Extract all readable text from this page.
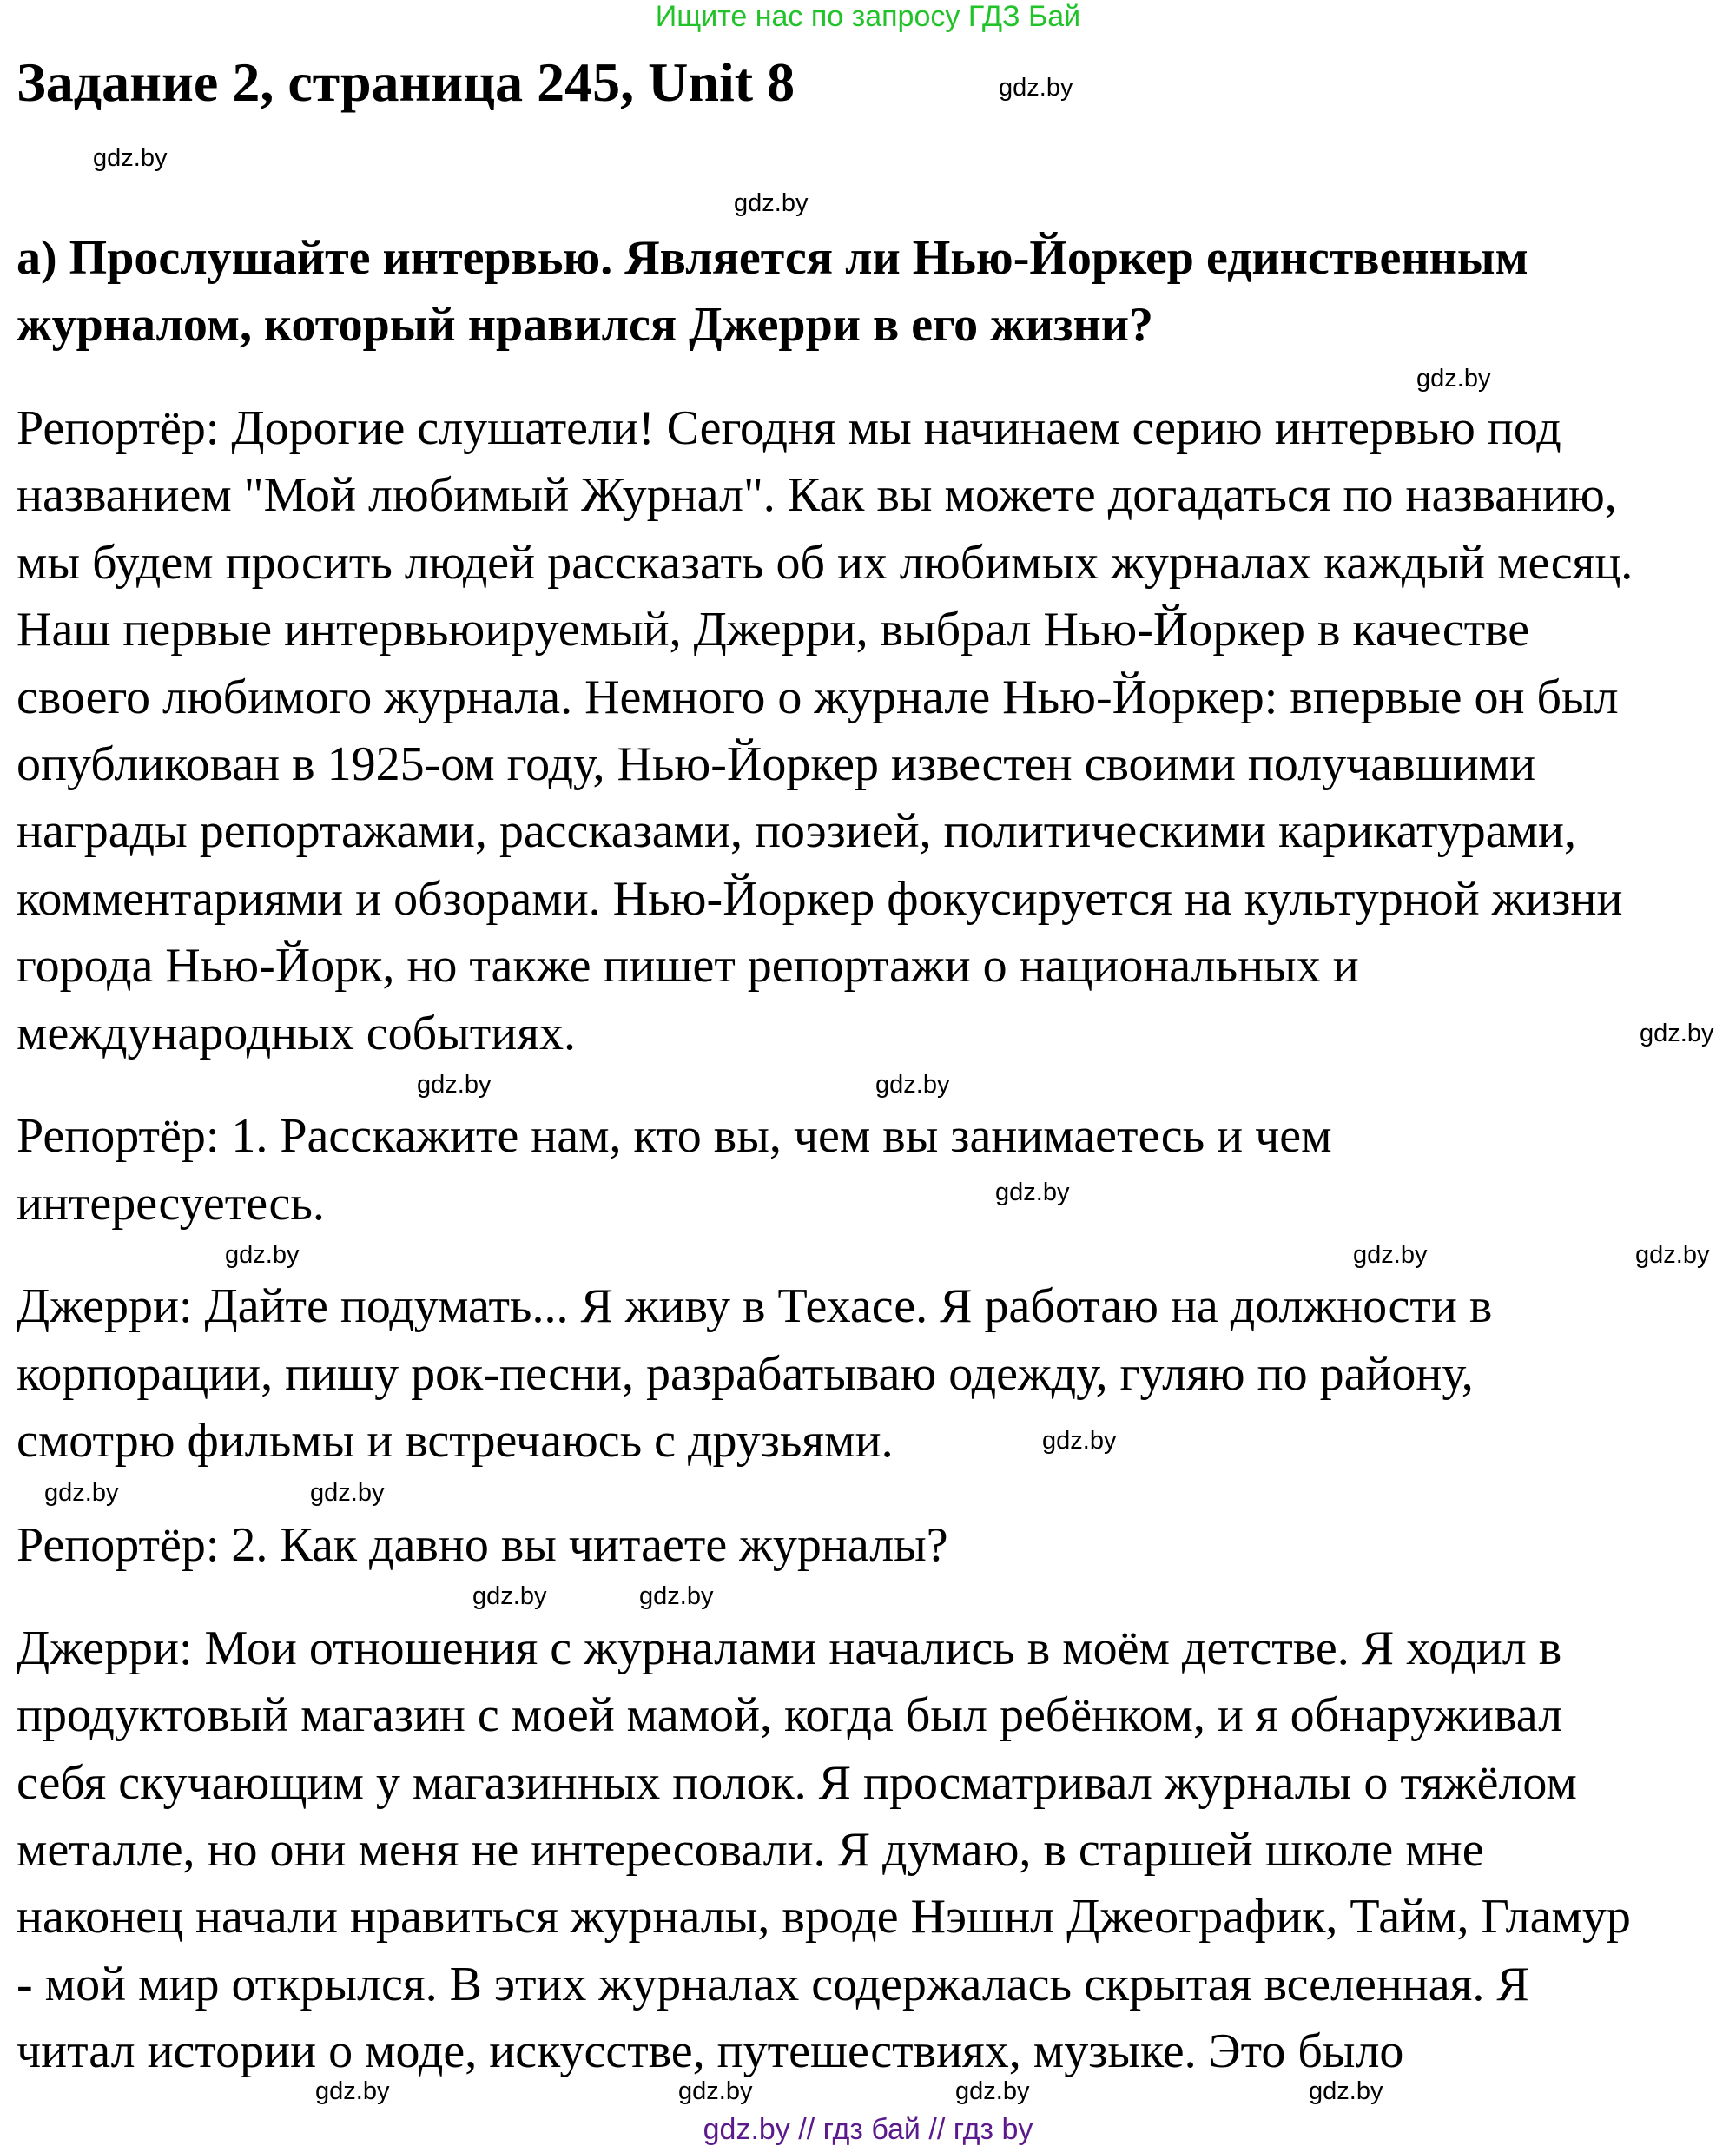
Ищите нас по запросу ГДЗ Бай
Задание 2, страница 245, Unit 8
а) Прослушайте интервью. Является ли Нью-Йоркер единственным
журналом, который нравился Джерри в его жизни?
Репортёр: Дорогие слушатели! Сегодня мы начинаем серию интервью под
названием "Мой любимый Журнал". Как вы можете догадаться по названию,
мы будем просить людей рассказать об их любимых журналах каждый месяц.
Наш первые интервьюируемый, Джерри, выбрал Нью-Йоркер в качестве
своего любимого журнала. Немного о журнале Нью-Йоркер: впервые он был
опубликован в 1925-ом году, Нью-Йоркер известен своими получавшими
награды репортажами, рассказами, поэзией, политическими карикатурами,
комментариями и обзорами. Нью-Йоркер фокусируется на культурной жизни
города Нью-Йорк, но также пишет репортажи о национальных и
международных событиях.
Репортёр: 1. Расскажите нам, кто вы, чем вы занимаетесь и чем
интересуетесь.
Джерри: Дайте подумать... Я живу в Техасе. Я работаю на должности в
корпорации, пишу рок-песни, разрабатываю одежду, гуляю по району,
смотрю фильмы и встречаюсь с друзьями.
Репортёр: 2. Как давно вы читаете журналы?
Джерри: Мои отношения с журналами начались в моём детстве. Я ходил в
продуктовый магазин с моей мамой, когда был ребёнком, и я обнаруживал
себя скучающим у магазинных полок. Я просматривал журналы о тяжёлом
металле, но они меня не интересовали. Я думаю, в старшей школе мне
наконец начали нравиться журналы, вроде Нэшнл Джеографик, Тайм, Гламур
- мой мир открылся. В этих журналах содержалась скрытая вселенная. Я
читал истории о моде, искусстве, путешествиях, музыке. Это было
gdz.by
gdz.by
gdz.by
gdz.by
gdz.by
gdz.by
gdz.by
gdz.by
gdz.by	gdz.by	gdz.by
gdz.by
gdz.by	gdz.by
gdz.by	gdz.by
gdz.by	gdz.by	gdz.by	gdz.by
gdz.by // гдз бай // гдз by
